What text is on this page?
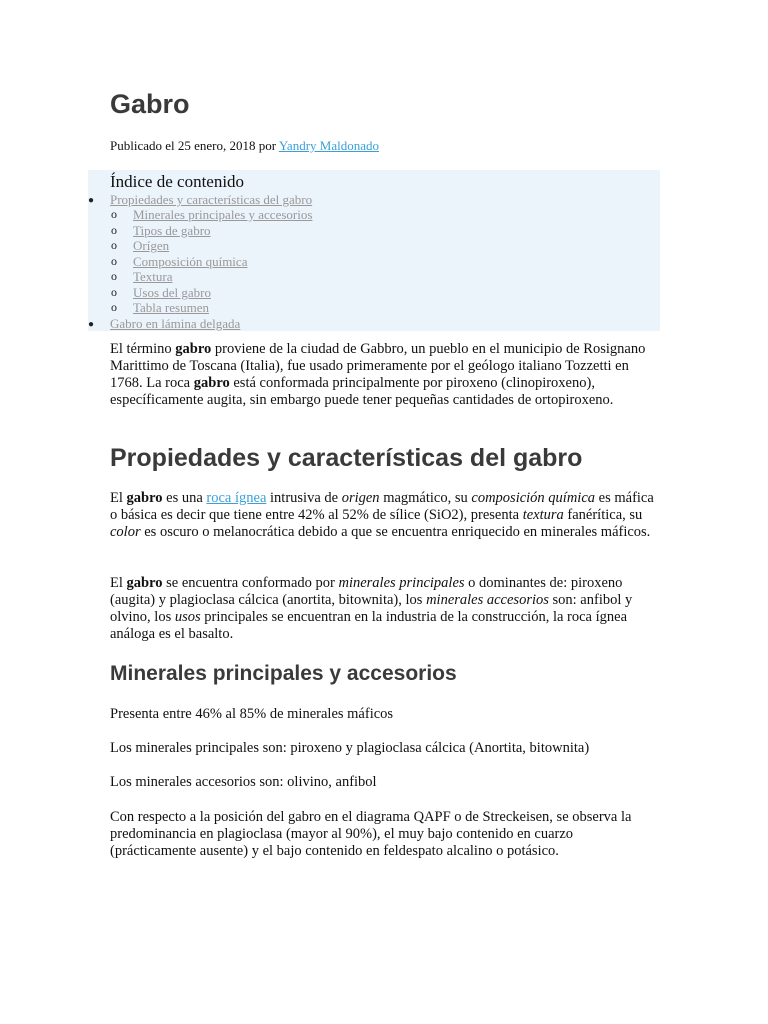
Gabro
Publicado el 25 enero, 2018 por Yandry Maldonado
Índice de contenido
● Propiedades y características del gabro
o Minerales principales y accesorios
o Tipos de gabro
o Orígen
o Composición química
o Textura
o Usos del gabro
o Tabla resumen
● Gabro en lámina delgada

El término gabro proviene de la ciudad de Gabbro, un pueblo en el municipio de Rosignano Marittimo de Toscana (Italia), fue usado primeramente por el geólogo italiano Tozzetti en 1768. La roca gabro está conformada principalmente por piroxeno (clinopiroxeno), específicamente augita, sin embargo puede tener pequeñas cantidades de ortopiroxeno.

Propiedades y características del gabro

El gabro es una roca ígnea intrusiva de origen magmático, su composición química es máfica o básica es decir que tiene entre 42% al 52% de sílice (SiO2), presenta textura fanérítica, su color es oscuro o melanocrática debido a que se encuentra enriquecido en minerales máficos.

El gabro se encuentra conformado por minerales principales o dominantes de: piroxeno (augita) y plagioclasa cálcica (anortita, bitownita), los minerales accesorios son: anfibol y olvino, los usos principales se encuentran en la industria de la construcción, la roca ígnea análoga es el basalto.

Minerales principales y accesorios

Presenta entre 46% al 85% de minerales máficos

Los minerales principales son: piroxeno y plagioclasa cálcica (Anortita, bitownita)

Los minerales accesorios son: olivino, anfibol

Con respecto a la posición del gabro en el diagrama QAPF o de Streckeisen, se observa la predominancia en plagioclasa (mayor al 90%), el muy bajo contenido en cuarzo (prácticamente ausente) y el bajo contenido en feldespato alcalino o potásico.
